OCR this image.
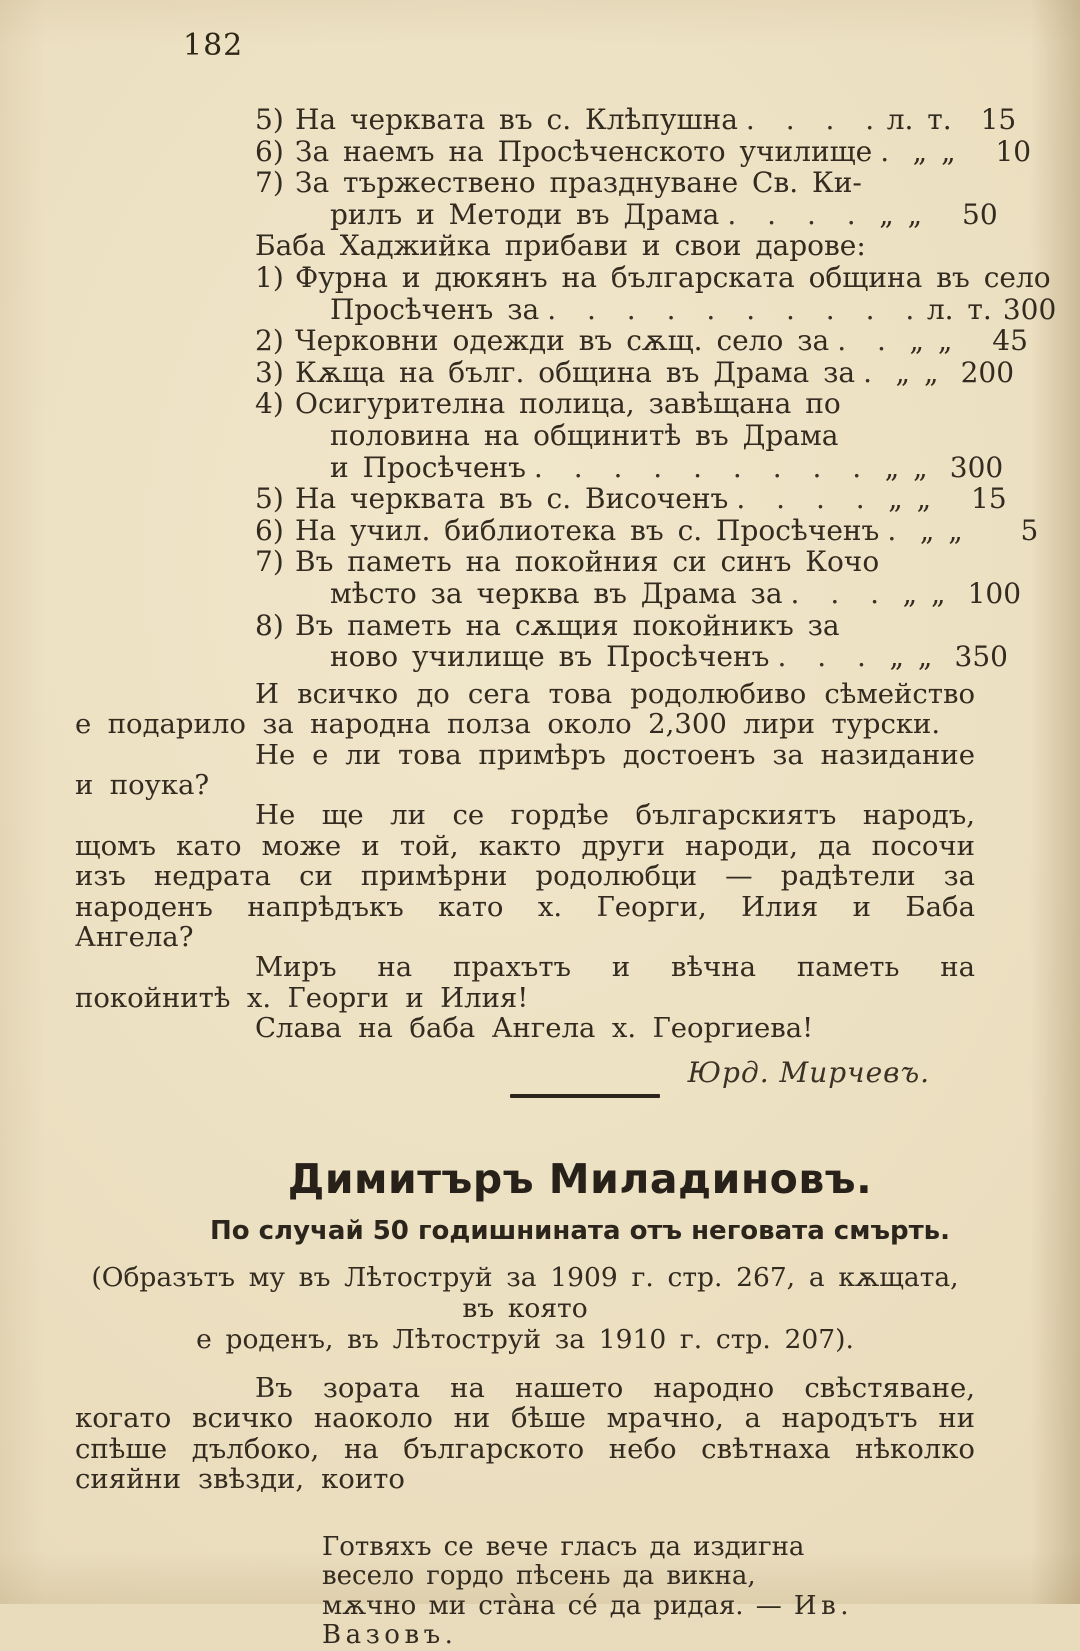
182
5) На черквата въ с. Клѣпушна . . . . л. т.	15
6) За наемъ на Просѣченското училище . „ „	10
7) За тържествено празднуване Св. Ки-
рилъ и Методи въ Драма . . . . „ „	50
Баба Хаджийка прибави и свои дарове:
1) Фурна и дюкянъ на българската община въ село
Просѣченъ за . . . . . . . . . . л. т. 300
2) Черковни одежди въ сѫщ. село за . . „ „	45
3) Кѫща на бълг. община въ Драма за . „ „ 200
4) Осигурителна полица, завѣщана по
половина на общинитѣ въ Драма
и Просѣченъ . . . . . . . . . „ „ 300
5) На черквата въ с. Височенъ . . . . „ „	15
6) На учил. библиотека въ с. Просѣченъ . „ „	5
7) Въ паметь на покойния си синъ Кочо
мѣсто за черква въ Драма за . . . „ „ 100
8) Въ паметь на сѫщия покойникъ за
ново училище въ Просѣченъ . . . „ „ 350

И всичко до сега това родолюбиво сѣмейство е подарило за народна полза около 2,300 лири турски.

Не е ли това примѣръ достоенъ за назидание и поука?

Не ще ли се гордѣе българскиятъ народъ, щомъ като може и той, както други народи, да посочи изъ недрата си примѣрни родолюбци — радѣтели за народенъ напрѣдъкъ като х. Георги, Илия и Баба Ангела?

Миръ на прахътъ и вѣчна паметь на покойнитѣ х. Георги и Илия!

Слава на баба Ангела х. Георгиева!

Юрд. Мирчевъ.
Димитъръ Миладиновъ.
По случай 50 годишнината отъ неговата смърть.
(Образътъ му въ Лѣтоструй за 1909 г. стр. 267, а кѫщата, въ която
е роденъ, въ Лѣтоструй за 1910 г. стр. 207).

Въ зората на нашето народно свѣстяване, когато всичко наоколо ни бѣше мрачно, а народътъ ни спѣше дълбоко, на българското небо свѣтнаха нѣколко сияйни звѣзди, които

Готвяхъ се вече гласъ да издигна
весело гордо пѣсень да викна,
мѫчно ми ста̀на се́ да ридая. — Ив. Вазовъ.
